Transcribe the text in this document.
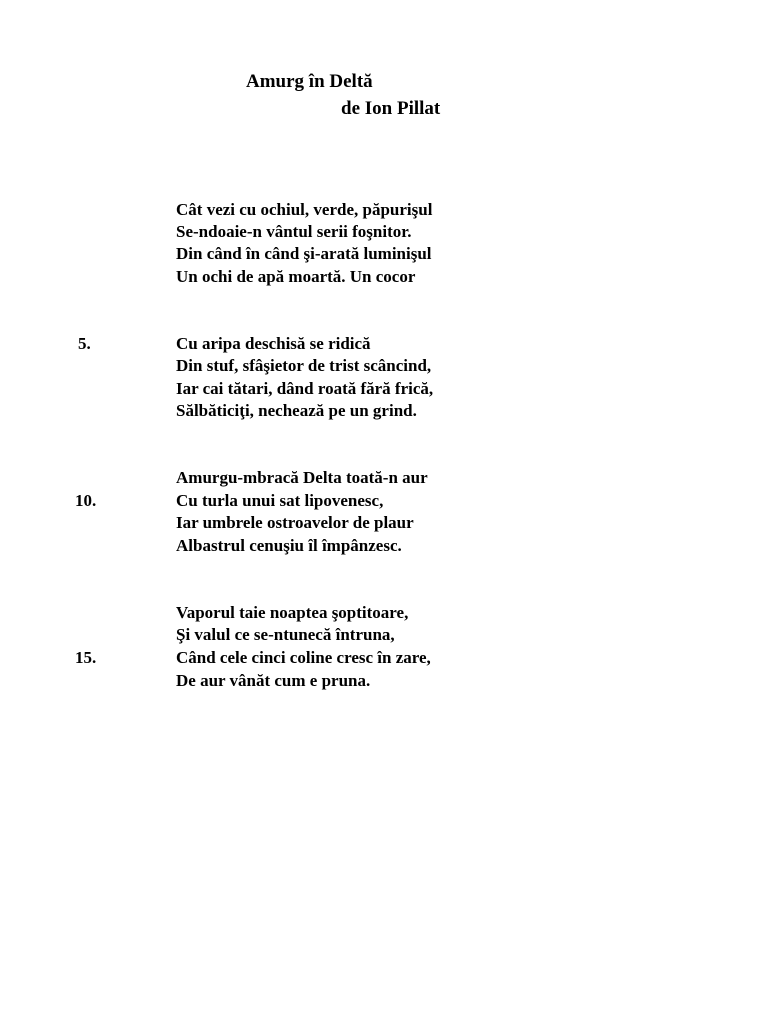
Amurg în Deltă
de Ion Pillat
Cât vezi cu ochiul, verde, păpurişul
Se-ndoaie-n vântul serii foşnitor.
Din când în când şi-arată luminişul
Un ochi de apă moartă. Un cocor
5.	Cu aripa deschisă se ridică
Din stuf, sfâşietor de trist scâncind,
Iar cai tătari, dând roată fără frică,
Sălbăticiţi, nechează pe un grind.
Amurgu-mbracă Delta toată-n aur
10.	Cu turla unui sat lipovenesc,
Iar umbrele ostroavelor de plaur
Albastrul cenuşiu îl împânzesc.
Vaporul taie noaptea şoptitoare,
Şi valul ce se-ntunecă întruna,
15.	Când cele cinci coline cresc în zare,
De aur vânăt cum e pruna.
